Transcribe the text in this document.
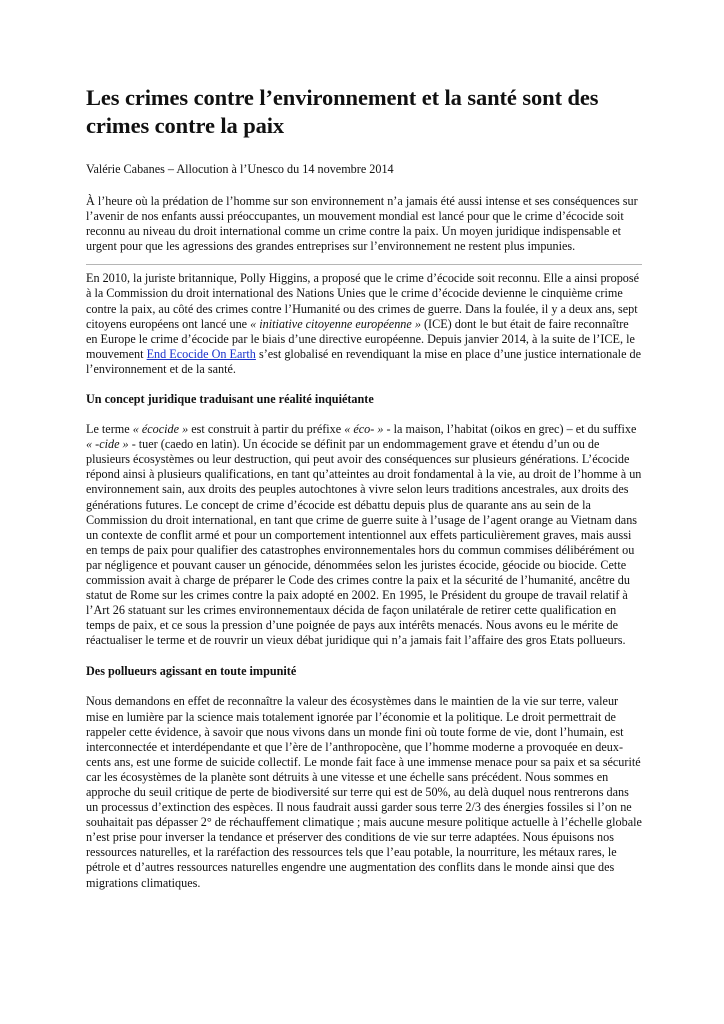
Les crimes contre l’environnement et la santé sont des crimes contre la paix
Valérie Cabanes – Allocution à l’Unesco du 14 novembre 2014

À l’heure où la prédation de l’homme sur son environnement n’a jamais été aussi intense et ses conséquences sur l’avenir de nos enfants aussi préoccupantes, un mouvement mondial est lancé pour que le crime d’écocide soit reconnu au niveau du droit international comme un crime contre la paix. Un moyen juridique indispensable et urgent pour que les agressions des grandes entreprises sur l’environnement ne restent plus impunies.

En 2010, la juriste britannique, Polly Higgins, a proposé que le crime d’écocide soit reconnu. Elle a ainsi proposé à la Commission du droit international des Nations Unies que le crime d’écocide devienne le cinquième crime contre la paix, au côté des crimes contre l’Humanité ou des crimes de guerre. Dans la foulée, il y a deux ans, sept citoyens européens ont lancé une « initiative citoyenne européenne » (ICE) dont le but était de faire reconnaître en Europe le crime d’écocide par le biais d’une directive européenne. Depuis janvier 2014, à la suite de l’ICE, le mouvement End Ecocide On Earth s’est globalisé en revendiquant la mise en place d’une justice internationale de l’environnement et de la santé.

Un concept juridique traduisant une réalité inquiétante

Le terme « écocide » est construit à partir du préfixe « éco- » - la maison, l’habitat (oikos en grec) – et du suffixe « -cide » - tuer (caedo en latin). Un écocide se définit par un endommagement grave et étendu d’un ou de plusieurs écosystèmes ou leur destruction, qui peut avoir des conséquences sur plusieurs générations. L’écocide répond ainsi à plusieurs qualifications, en tant qu’atteintes au droit fondamental à la vie, au droit de l’homme à un environnement sain, aux droits des peuples autochtones à vivre selon leurs traditions ancestrales, aux droits des générations futures. Le concept de crime d’écocide est débattu depuis plus de quarante ans au sein de la Commission du droit international, en tant que crime de guerre suite à l’usage de l’agent orange au Vietnam dans un contexte de conflit armé et pour un comportement intentionnel aux effets particulièrement graves, mais aussi en temps de paix pour qualifier des catastrophes environnementales hors du commun commises délibérément ou par négligence et pouvant causer un génocide, dénommées selon les juristes écocide, géocide ou biocide. Cette commission avait à charge de préparer le Code des crimes contre la paix et la sécurité de l’humanité, ancêtre du statut de Rome sur les crimes contre la paix adopté en 2002. En 1995, le Président du groupe de travail relatif à l’Art 26 statuant sur les crimes environnementaux décida de façon unilatérale de retirer cette qualification en temps de paix, et ce sous la pression d’une poignée de pays aux intérêts menacés. Nous avons eu le mérite de réactualiser le terme et de rouvrir un vieux débat juridique qui n’a jamais fait l’affaire des gros Etats pollueurs.

Des pollueurs agissant en toute impunité

Nous demandons en effet de reconnaître la valeur des écosystèmes dans le maintien de la vie sur terre, valeur mise en lumière par la science mais totalement ignorée par l’économie et la politique. Le droit permettrait de rappeler cette évidence, à savoir que nous vivons dans un monde fini où toute forme de vie, dont l’humain, est interconnectée et interdépendante et que l’ère de l’anthropocène, que l’homme moderne a provoquée en deux-cents ans, est une forme de suicide collectif. Le monde fait face à une immense menace pour sa paix et sa sécurité car les écosystèmes de la planète sont détruits à une vitesse et une échelle sans précédent. Nous sommes en approche du seuil critique de perte de biodiversité sur terre qui est de 50%, au delà duquel nous rentrerons dans un processus d’extinction des espèces. Il nous faudrait aussi garder sous terre 2/3 des énergies fossiles si l’on ne souhaitait pas dépasser 2° de réchauffement climatique ; mais aucune mesure politique actuelle à l’échelle globale n’est prise pour inverser la tendance et préserver des conditions de vie sur terre adaptées. Nous épuisons nos ressources naturelles, et la raréfaction des ressources tels que l’eau potable, la nourriture, les métaux rares, le pétrole et d’autres ressources naturelles engendre une augmentation des conflits dans le monde ainsi que des migrations climatiques.
